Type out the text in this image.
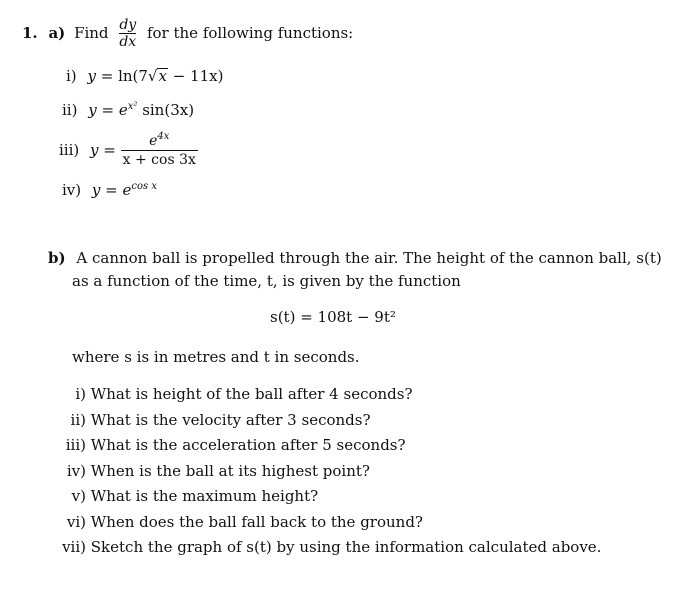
1. a) Find $\frac{dy}{dx}$ for the following functions:
i) y = ln(7√x − 11x)
ii) $y = e^{x^2}$ sin(3x)
iii) $y = \frac{e^{4x}}{x + \cos 3x}$
iv) $y = e^{cos x}$
b) A cannon ball is propelled through the air. The height of the cannon ball, s(t)
as a function of the time, t, is given by the function
s(t) = 108t − 9t²
where s is in metres and t in seconds.
i) What is height of the ball after 4 seconds?
ii) What is the velocity after 3 seconds?
iii) What is the acceleration after 5 seconds?
iv) When is the ball at its highest point?
v) What is the maximum height?
vi) When does the ball fall back to the ground?
vii) Sketch the graph of s(t) by using the information calculated above.
